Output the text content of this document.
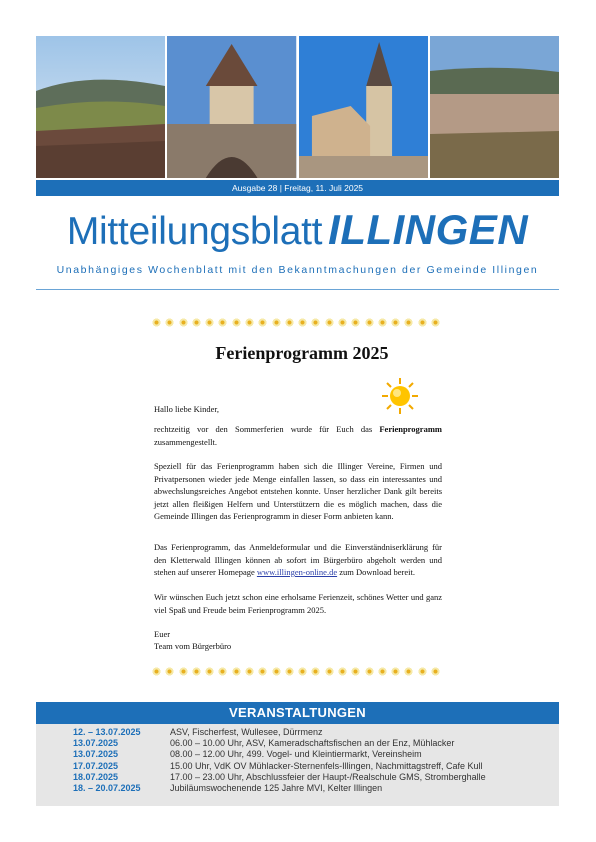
Ausgabe 28 | Freitag, 11. Juli 2025
Mitteilungsblatt ILLINGEN
Unabhängiges Wochenblatt mit den Bekanntmachungen der Gemeinde Illingen
Ferienprogramm 2025
Hallo liebe Kinder,
rechtzeitig vor den Sommerferien wurde für Euch das Ferienprogramm zusammengestellt.
Speziell für das Ferienprogramm haben sich die Illinger Vereine, Firmen und Privatpersonen wieder jede Menge einfallen lassen, so dass ein interessantes und abwechslungsreiches Angebot entstehen konnte. Unser herzlicher Dank gilt bereits jetzt allen fleißigen Helfern und Unterstützern die es möglich machen, dass die Gemeinde Illingen das Ferienprogramm in dieser Form anbieten kann.
Das Ferienprogramm, das Anmeldeformular und die Einverständniserklärung für den Kletterwald Illingen können ab sofort im Bürgerbüro abgeholt werden und stehen auf unserer Homepage www.illingen-online.de zum Download bereit.
Wir wünschen Euch jetzt schon eine erholsame Ferienzeit, schönes Wetter und ganz viel Spaß und Freude beim Ferienprogramm 2025.
Euer
Team vom Bürgerbüro
VERANSTALTUNGEN
12. – 13.07.2025	ASV, Fischerfest, Wullesee, Dürrmenz
13.07.2025	06.00 – 10.00 Uhr, ASV, Kameradschaftsfischen an der Enz, Mühlacker
13.07.2025	08.00 – 12.00 Uhr, 499. Vogel- und Kleintiermarkt, Vereinsheim
17.07.2025	15.00 Uhr, VdK OV Mühlacker-Sternenfels-Illingen, Nachmittagstreff, Cafe Kull
18.07.2025	17.00 – 23.00 Uhr, Abschlussfeier der Haupt-/Realschule GMS, Stromberghalle
18. – 20.07.2025	Jubiläumswochenende 125 Jahre MVI, Kelter Illingen
